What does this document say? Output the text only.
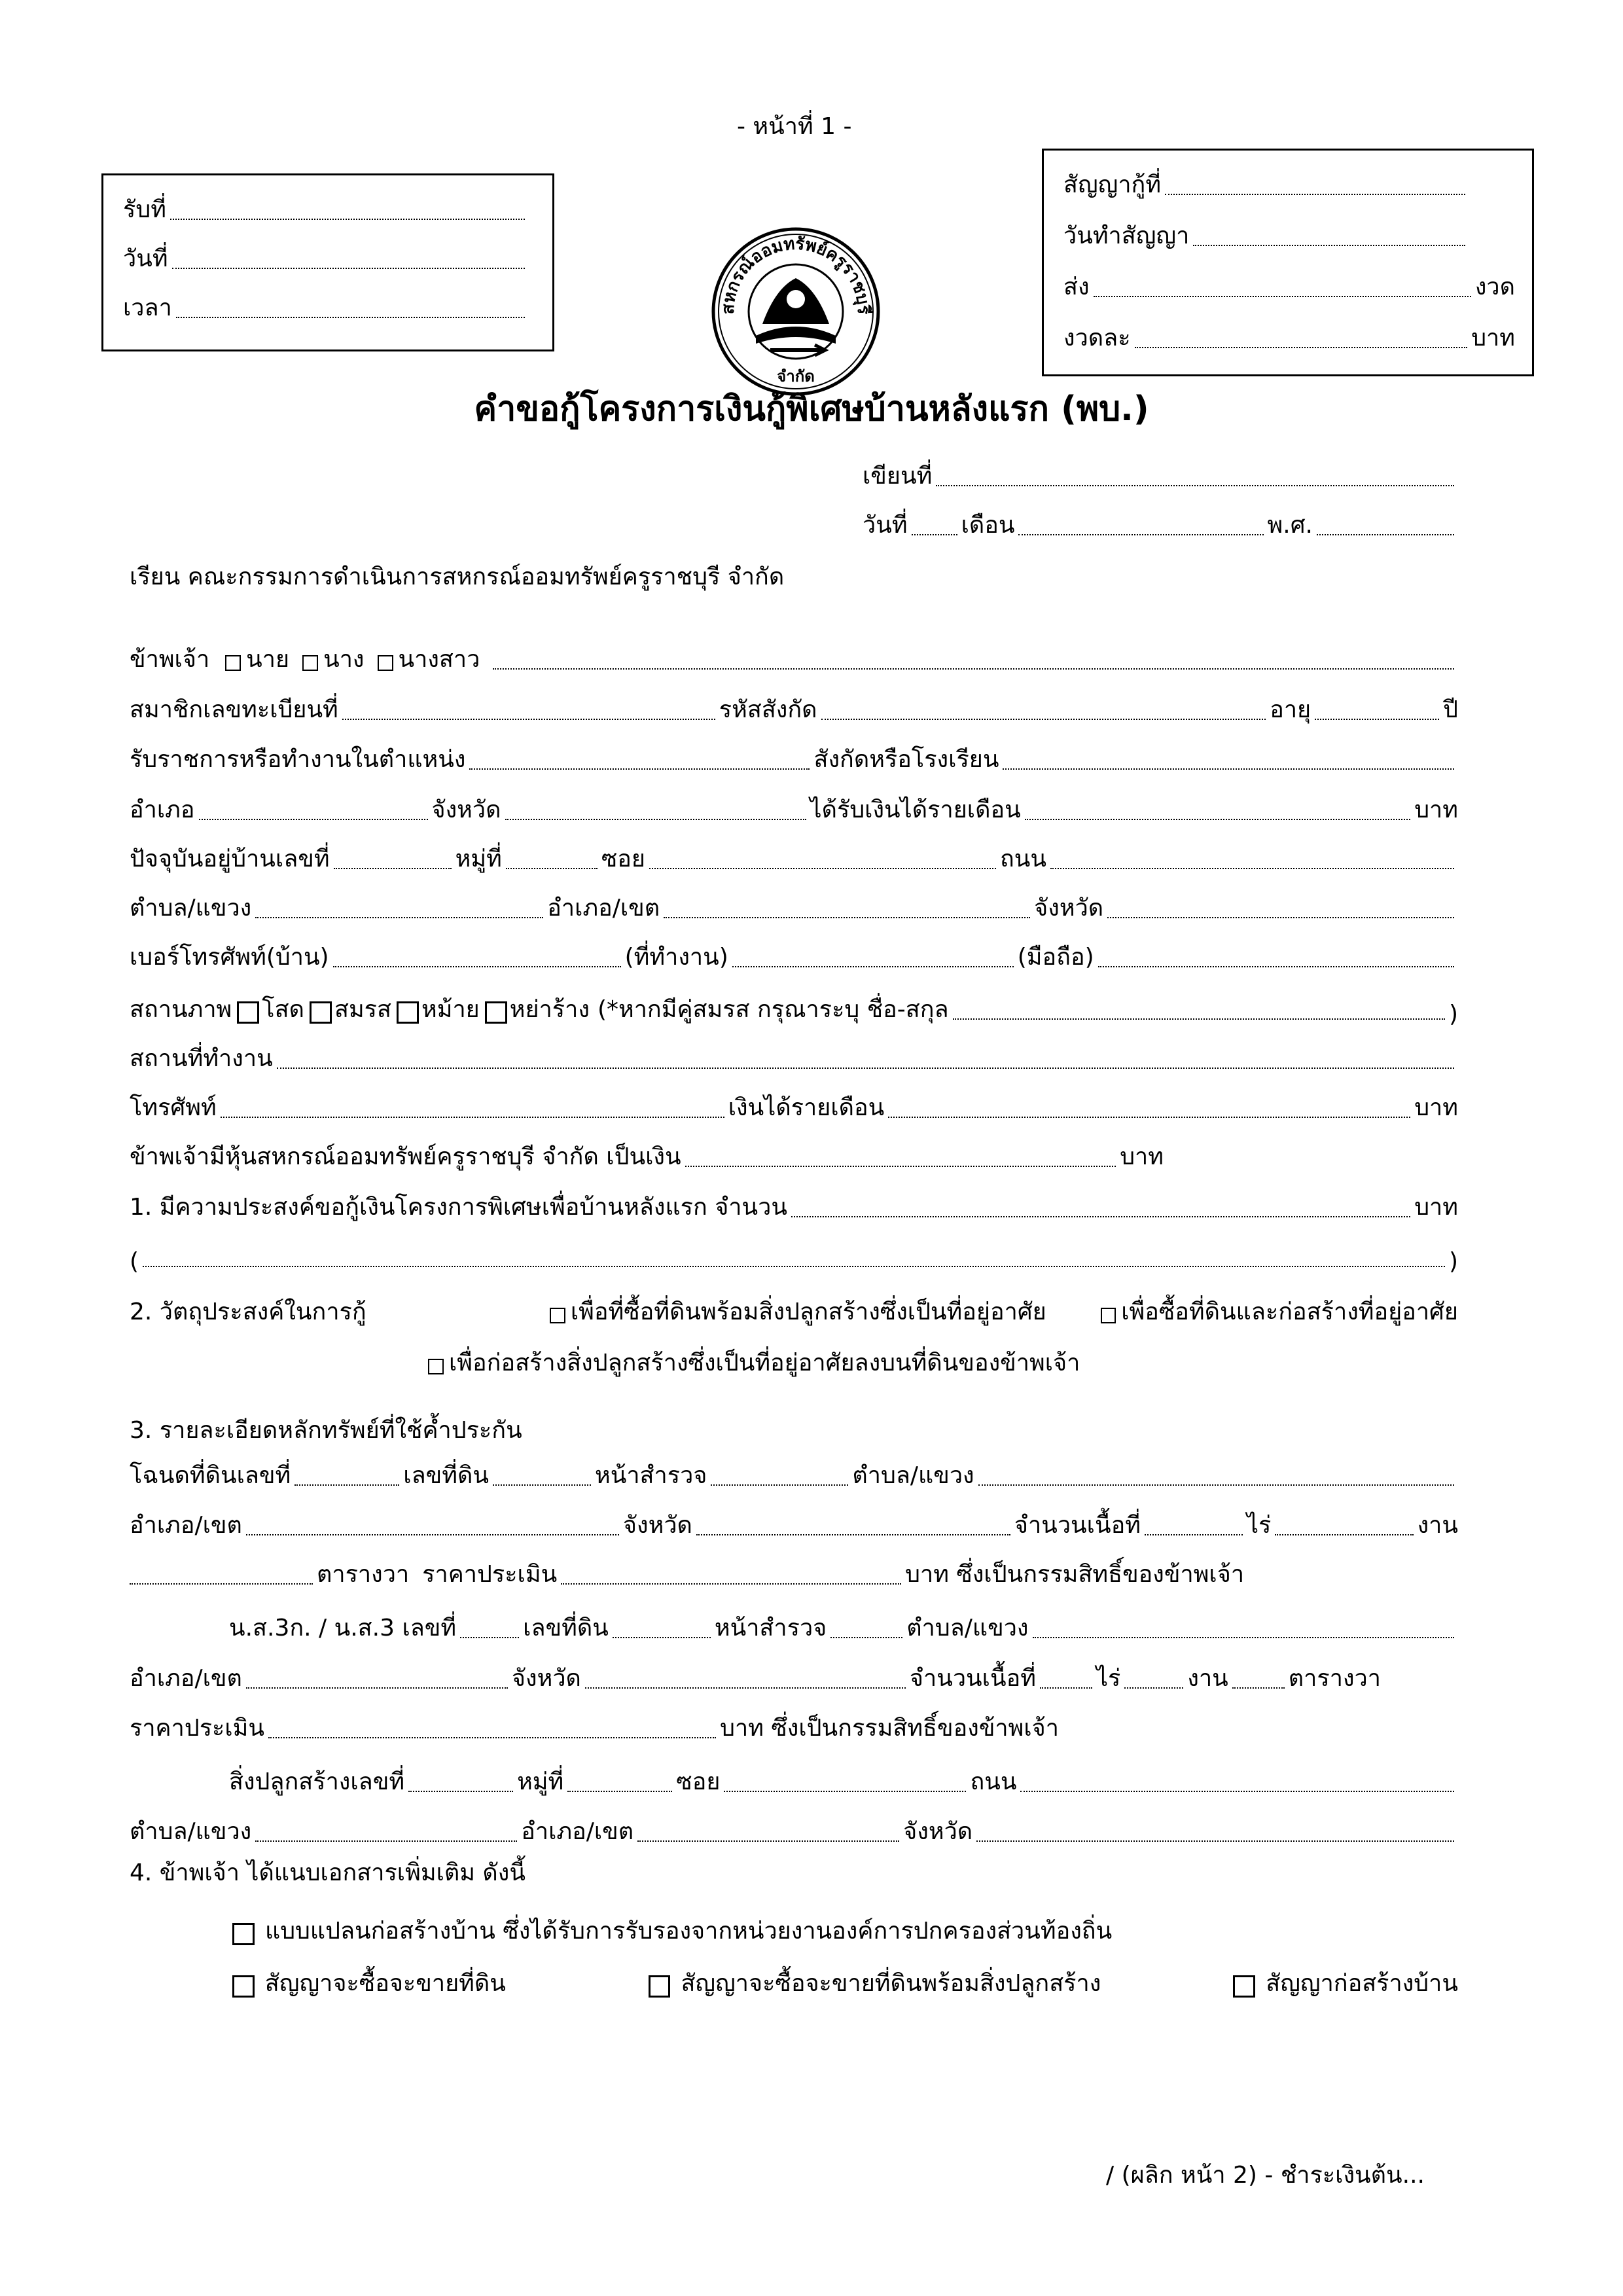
- หน้าที่ 1 -
รับที่
วันที่
เวลา
สัญญากู้ที่
วันทำสัญญา
ส่ง	งวด
งวดละ	บาท
สหกรณ์ออมทรัพย์ครูราชบุรี
จำกัด
คำขอกู้โครงการเงินกู้พิเศษบ้านหลังแรก (พบ.)
เขียนที่
วันที่ เดือน	พ.ศ.
เรียน คณะกรรมการดำเนินการสหกรณ์ออมทรัพย์ครูราชบุรี จำกัด
ข้าพเจ้า นาย นาง นางสาว
สมาชิกเลขทะเบียนที่	รหัสสังกัด	อายุ	ปี
รับราชการหรือทำงานในตำแหน่ง	สังกัดหรือโรงเรียน
อำเภอ	จังหวัด	ได้รับเงินได้รายเดือน	บาท
ปัจจุบันอยู่บ้านเลขที่	หมู่ที่	ซอย	ถนน
ตำบล/แขวง	อำเภอ/เขต	จังหวัด
เบอร์โทรศัพท์(บ้าน)	(ที่ทำงาน)	(มือถือ)
สถานภาพ โสด สมรส หม้าย หย่าร้าง (*หากมีคู่สมรส กรุณาระบุ ชื่อ-สกุล	)
สถานที่ทำงาน
โทรศัพท์	เงินได้รายเดือน	บาท
ข้าพเจ้ามีหุ้นสหกรณ์ออมทรัพย์ครูราชบุรี จำกัด เป็นเงิน	บาท
1. มีความประสงค์ขอกู้เงินโครงการพิเศษเพื่อบ้านหลังแรก จำนวน	บาท
(	)
2. วัตถุประสงค์ในการกู้	เพื่อที่ซื้อที่ดินพร้อมสิ่งปลูกสร้างซึ่งเป็นที่อยู่อาศัย	เพื่อซื้อที่ดินและก่อสร้างที่อยู่อาศัย
เพื่อก่อสร้างสิ่งปลูกสร้างซึ่งเป็นที่อยู่อาศัยลงบนที่ดินของข้าพเจ้า
3. รายละเอียดหลักทรัพย์ที่ใช้ค้ำประกัน
โฉนดที่ดินเลขที่	เลขที่ดิน	หน้าสำรวจ	ตำบล/แขวง
อำเภอ/เขต	จังหวัด	จำนวนเนื้อที่	ไร่	งาน
ตารางวา ราคาประเมิน	บาท ซึ่งเป็นกรรมสิทธิ์ของข้าพเจ้า
น.ส.3ก. / น.ส.3 เลขที่	เลขที่ดิน	หน้าสำรวจ	ตำบล/แขวง
อำเภอ/เขต	จังหวัด	จำนวนเนื้อที่	ไร่	งาน	ตารางวา
ราคาประเมิน	บาท ซึ่งเป็นกรรมสิทธิ์ของข้าพเจ้า
สิ่งปลูกสร้างเลขที่	หมู่ที่	ซอย	ถนน
ตำบล/แขวง	อำเภอ/เขต	จังหวัด
4. ข้าพเจ้า ได้แนบเอกสารเพิ่มเติม ดังนี้
แบบแปลนก่อสร้างบ้าน ซึ่งได้รับการรับรองจากหน่วยงานองค์การปกครองส่วนท้องถิ่น
สัญญาจะซื้อจะขายที่ดิน	สัญญาจะซื้อจะขายที่ดินพร้อมสิ่งปลูกสร้าง	สัญญาก่อสร้างบ้าน
/ (ผลิก หน้า 2) - ชำระเงินต้น...
